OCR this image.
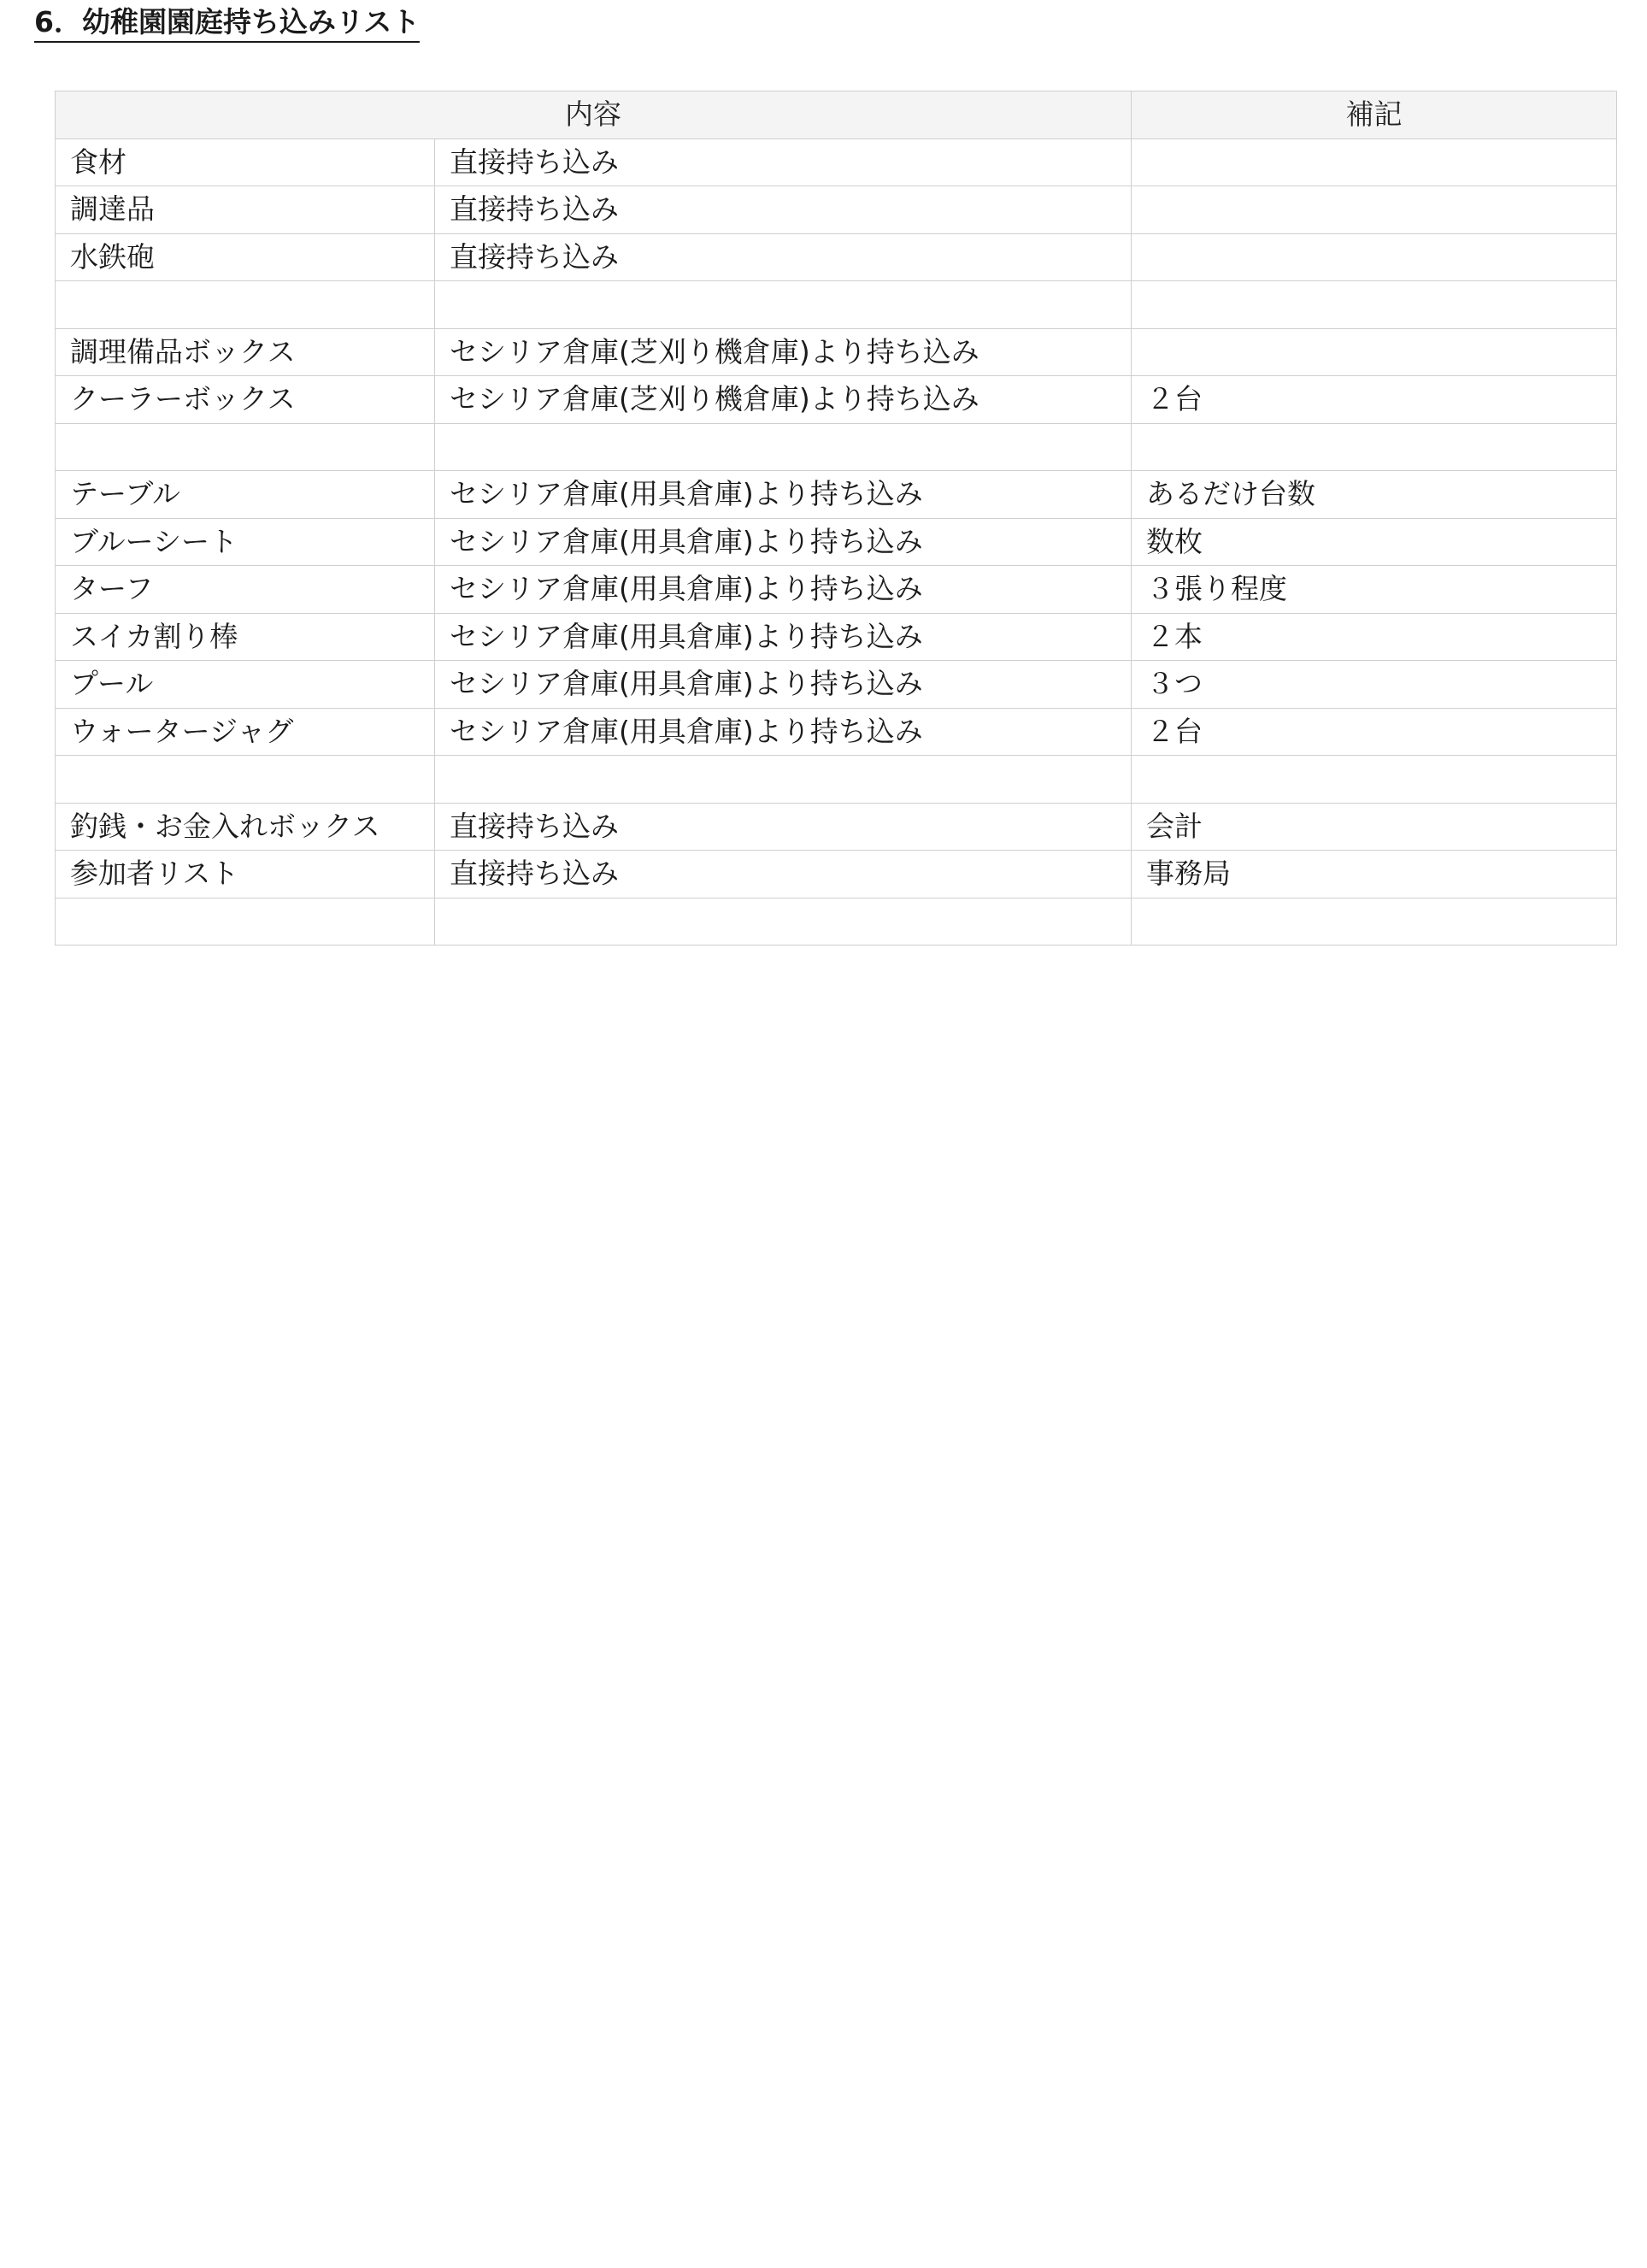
6．幼稚園園庭持ち込みリスト
内容		補記
食材	直接持ち込み	
調達品	直接持ち込み	
水鉄砲	直接持ち込み	

調理備品ボックス	セシリア倉庫(芝刈り機倉庫)より持ち込み	
クーラーボックス	セシリア倉庫(芝刈り機倉庫)より持ち込み	２台

テーブル	セシリア倉庫(用具倉庫)より持ち込み	あるだけ台数
ブルーシート	セシリア倉庫(用具倉庫)より持ち込み	数枚
ターフ	セシリア倉庫(用具倉庫)より持ち込み	３張り程度
スイカ割り棒	セシリア倉庫(用具倉庫)より持ち込み	２本
プール	セシリア倉庫(用具倉庫)より持ち込み	３つ
ウォータージャグ	セシリア倉庫(用具倉庫)より持ち込み	２台

釣銭・お金入れボックス	直接持ち込み	会計
参加者リスト	直接持ち込み	事務局
